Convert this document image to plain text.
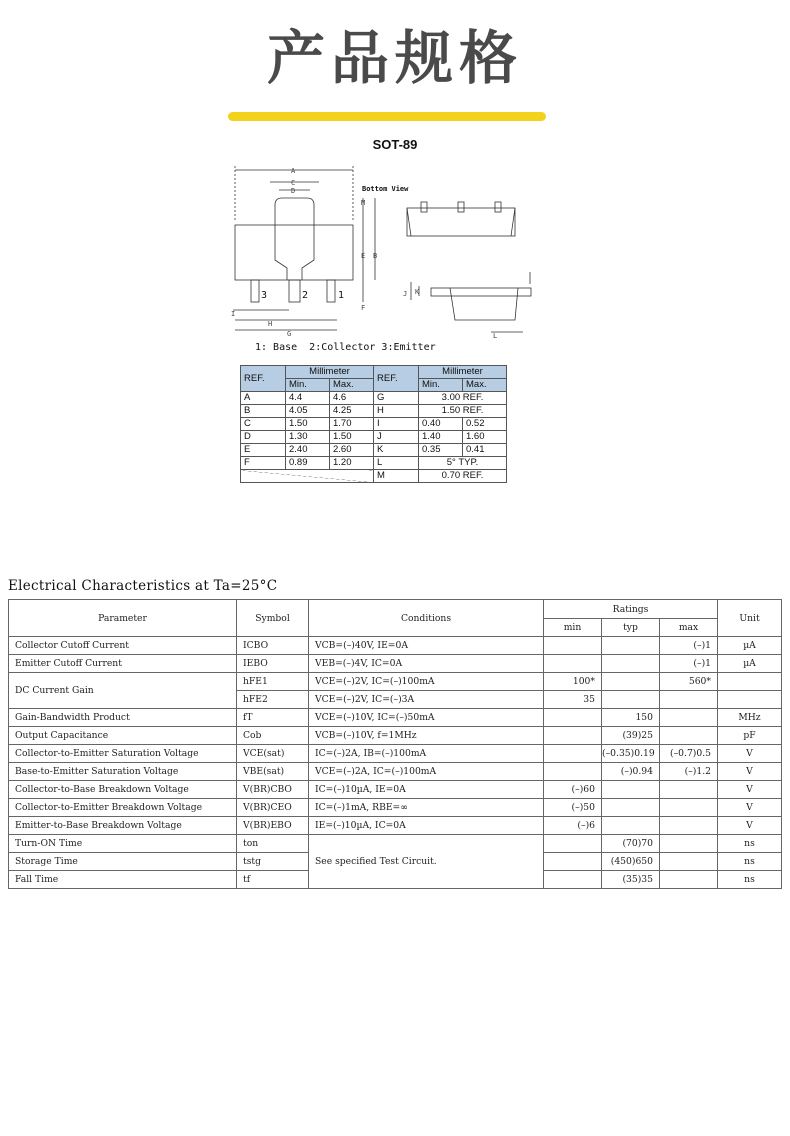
产品规格
SOT-89
A
C
D
M
E B
F
I
H
G	L
J K
3	2	1
Bottom View
1: Base  2:Collector 3:Emitter
REF.	Millimeter		REF.	Millimeter	
	Min.	Max.		Min.	Max.
A	4.4	4.6	G	3.00 REF.	
B	4.05	4.25	H	1.50 REF.	
C	1.50	1.70	I	0.40	0.52
D	1.30	1.50	J	1.40	1.60
E	2.40	2.60	K	0.35	0.41
F	0.89	1.20	L	5° TYP.	
			M	0.70 REF.	
Electrical Characteristics at Ta=25°C
Parameter	Symbol	Conditions	Ratings			Unit
			min	typ	max	
Collector Cutoff Current	ICBO	VCB=(–)40V, IE=0A			(–)1	µA
Emitter Cutoff Current	IEBO	VEB=(–)4V, IC=0A			(–)1	µA
DC Current Gain	hFE1	VCE=(–)2V, IC=(–)100mA	100*		560*	
	hFE2	VCE=(–)2V, IC=(–)3A	35			
Gain-Bandwidth Product	fT	VCE=(–)10V, IC=(–)50mA		150		MHz
Output Capacitance	Cob	VCB=(–)10V, f=1MHz		(39)25		pF
Collector-to-Emitter Saturation Voltage	VCE(sat)	IC=(–)2A, IB=(–)100mA		(–0.35)0.19	(–0.7)0.5	V
Base-to-Emitter Saturation Voltage	VBE(sat)	VCE=(–)2A, IC=(–)100mA		(–)0.94	(–)1.2	V
Collector-to-Base Breakdown Voltage	V(BR)CBO	IC=(–)10µA, IE=0A	(–)60			V
Collector-to-Emitter Breakdown Voltage	V(BR)CEO	IC=(–)1mA, RBE=∞	(–)50			V
Emitter-to-Base Breakdown Voltage	V(BR)EBO	IE=(–)10µA, IC=0A	(–)6			V
Turn-ON Time	ton	See specified Test Circuit.		(70)70		ns
Storage Time	tstg			(450)650		ns
Fall Time	tf			(35)35		ns
